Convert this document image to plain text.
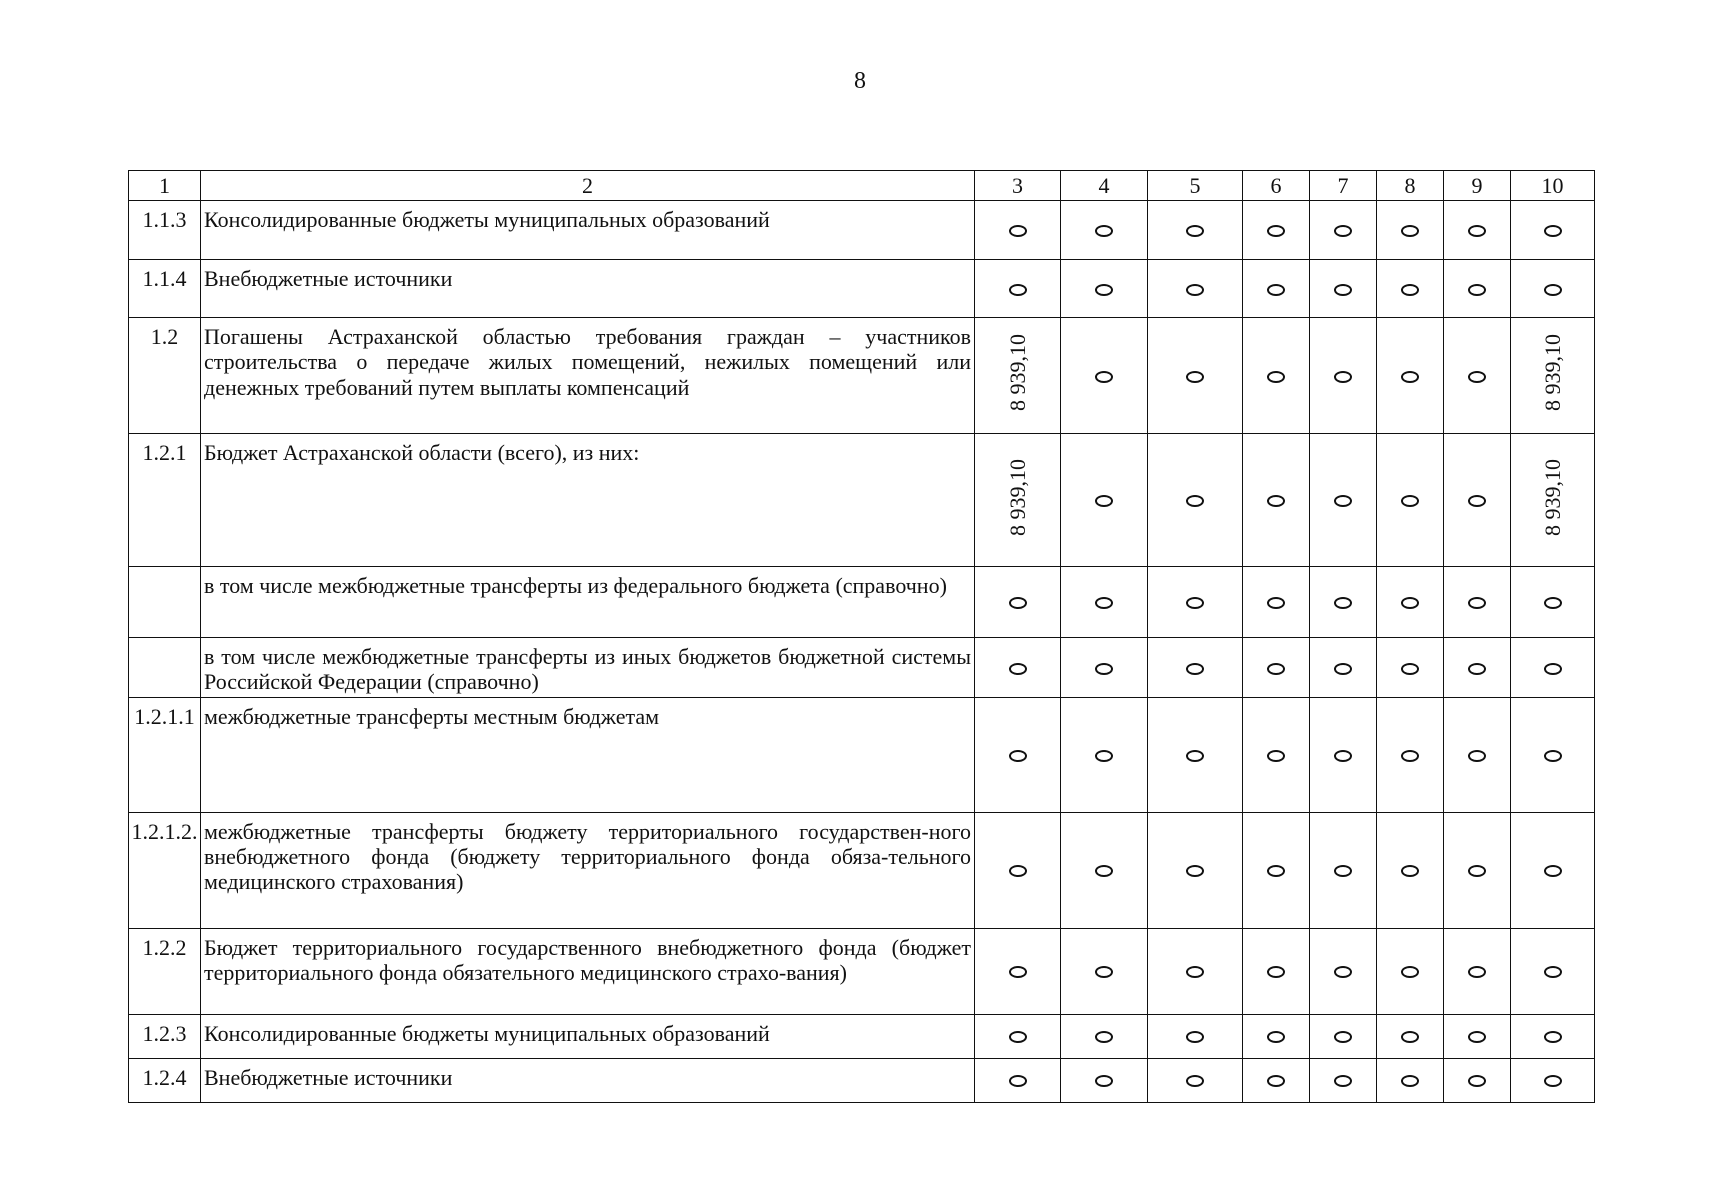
8
1	2	3	4	5	6	7	8	9	10
1.1.3	Консолидированные бюджеты муниципальных образований								
1.1.4	Внебюджетные источники								
1.2	Погашены Астраханской областью требования граждан – участников строительства о передаче жилых помещений, нежилых помещений или денежных требований путем выплаты компенсаций	8 939,10							8 939,10
1.2.1	Бюджет Астраханской области (всего), из них:	8 939,10							8 939,10
	в том числе межбюджетные трансферты из федерального бюджета (справочно)								
	в том числе межбюджетные трансферты из иных бюджетов бюджетной системы Российской Федерации (справочно)								
1.2.1.1	межбюджетные трансферты местным бюджетам								
1.2.1.2.	межбюджетные трансферты бюджету территориального государствен-ного внебюджетного фонда (бюджету территориального фонда обяза-тельного медицинского страхования)								
1.2.2	Бюджет территориального государственного внебюджетного фонда (бюджет территориального фонда обязательного медицинского страхо-вания)								
1.2.3	Консолидированные бюджеты муниципальных образований								
1.2.4	Внебюджетные источники								
